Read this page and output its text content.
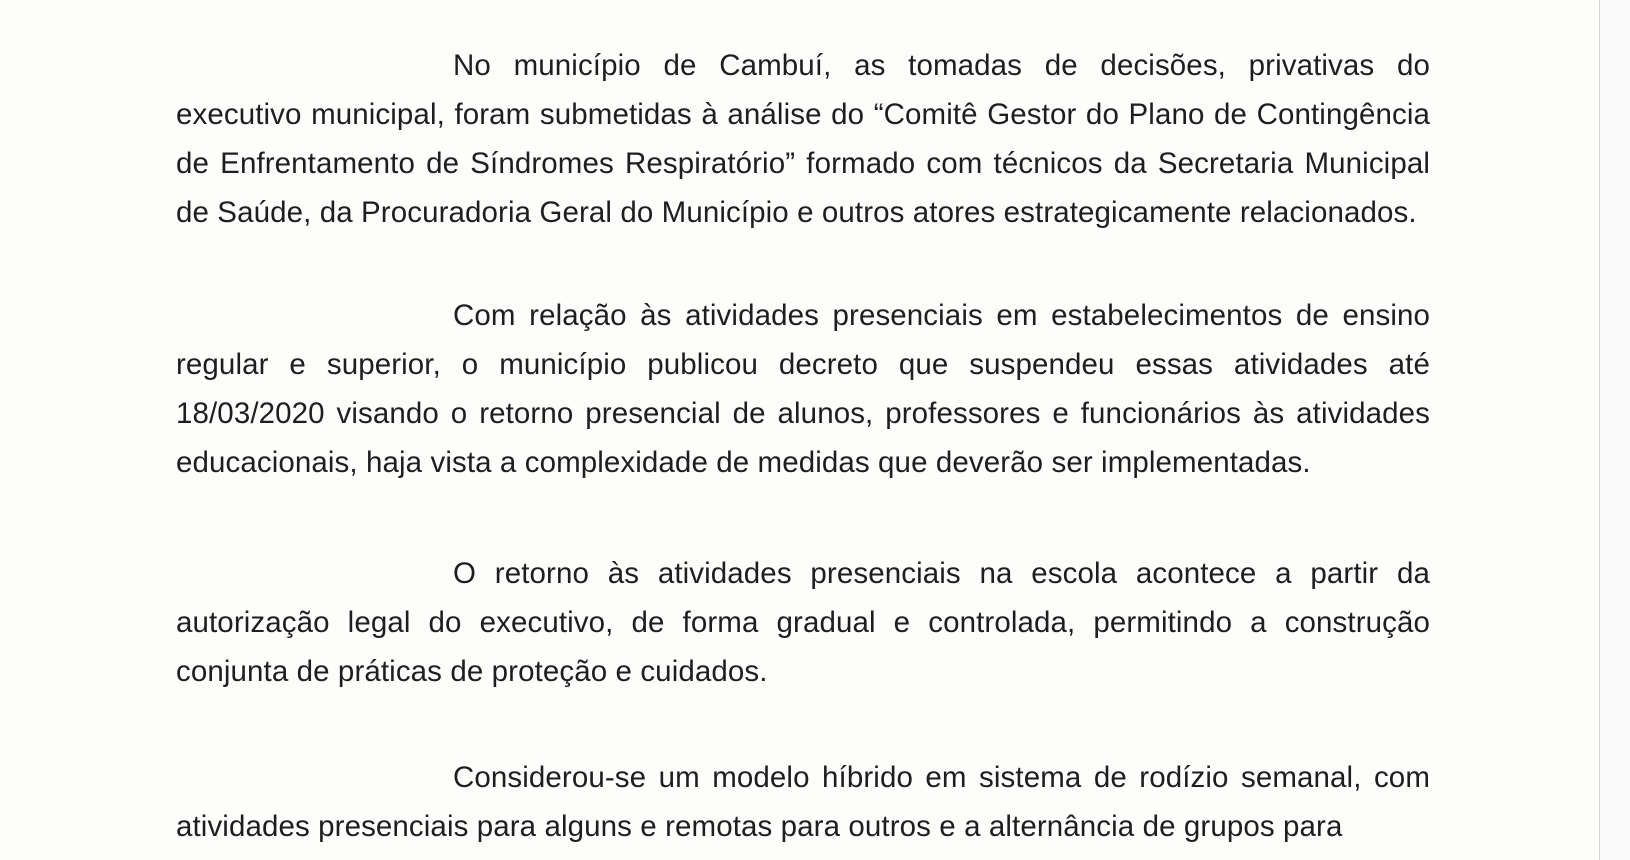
No município de Cambuí, as tomadas de decisões, privativas do executivo municipal, foram submetidas à análise do “Comitê Gestor do Plano de Contingência de Enfrentamento de Síndromes Respiratório” formado com técnicos da Secretaria Municipal de Saúde, da Procuradoria Geral do Município e outros atores estrategicamente relacionados.

Com relação às atividades presenciais em estabelecimentos de ensino regular e superior, o município publicou decreto que suspendeu essas atividades até 18/03/2020 visando o retorno presencial de alunos, professores e funcionários às atividades educacionais, haja vista a complexidade de medidas que deverão ser implementadas.

O retorno às atividades presenciais na escola acontece a partir da autorização legal do executivo, de forma gradual e controlada, permitindo a construção conjunta de práticas de proteção e cuidados.

Considerou-se um modelo híbrido em sistema de rodízio semanal, com atividades presenciais para alguns e remotas para outros e a alternância de grupos para
